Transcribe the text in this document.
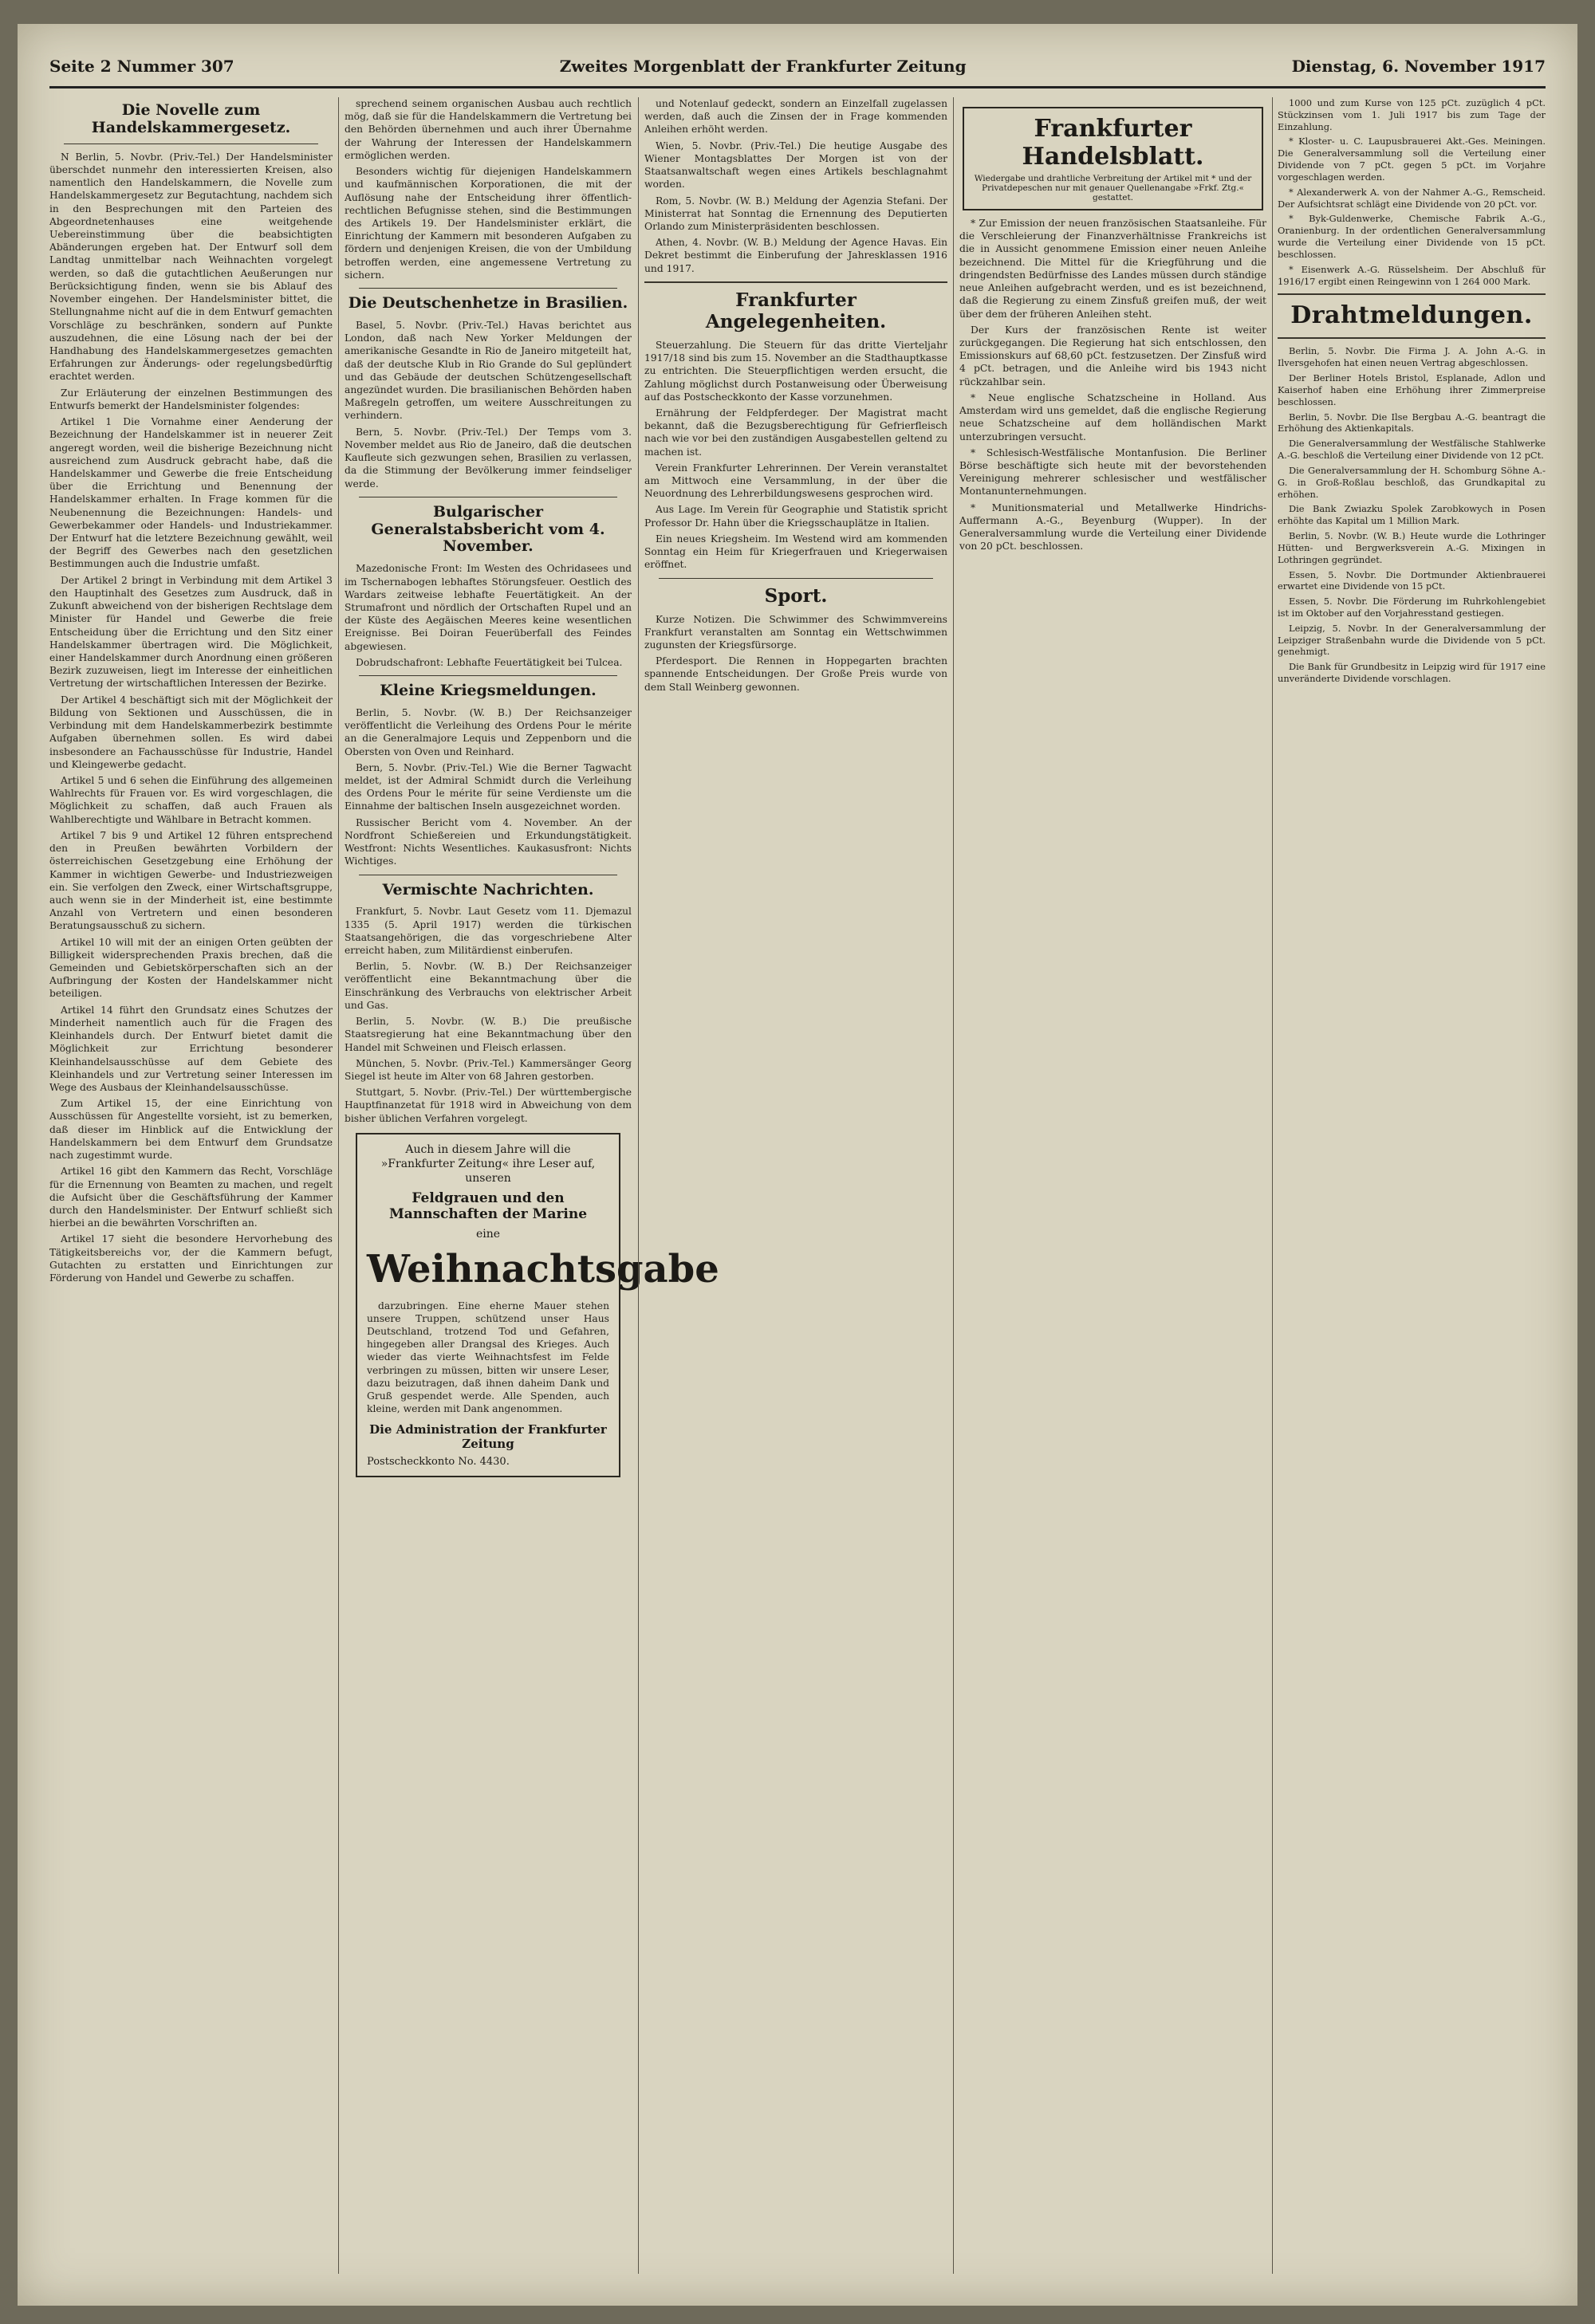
Seite 2 Nummer 307	Zweites Morgenblatt der Frankfurter Zeitung	Dienstag, 6. November 1917
Die Novelle zum Handelskammergesetz.

N Berlin, 5. Novbr. (Priv.-Tel.) Der Handelsminister überschdet nunmehr den interessierten Kreisen, also namentlich den Handelskammern, die Novelle zum Handelskammergesetz zur Begutachtung, nachdem sich in den Besprechungen mit den Parteien des Abgeordnetenhauses eine weitgehende Uebereinstimmung über die beabsichtigten Abänderungen ergeben hat. Der Entwurf soll dem Landtag unmittelbar nach Weihnachten vorgelegt werden, so daß die gutachtlichen Aeußerungen nur Berücksichtigung finden, wenn sie bis Ablauf des November eingehen. Der Handelsminister bittet, die Stellungnahme nicht auf die in dem Entwurf gemachten Vorschläge zu beschränken, sondern auf Punkte auszudehnen, die eine Lösung nach der bei der Handhabung des Handelskammergesetzes gemachten Erfahrungen zur Änderungs- oder regelungsbedürftig erachtet werden.

Zur Erläuterung der einzelnen Bestimmungen des Entwurfs bemerkt der Handelsminister folgendes:

Artikel 1 Die Vornahme einer Aenderung der Bezeichnung der Handelskammer ist in neuerer Zeit angeregt worden, weil die bisherige Bezeichnung nicht ausreichend zum Ausdruck gebracht habe, daß die Handelskammer und Gewerbe die freie Entscheidung über die Errichtung und Benennung der Handelskammer erhalten. In Frage kommen für die Neubenennung die Bezeichnungen: Handels- und Gewerbekammer oder Handels- und Industriekammer. Der Entwurf hat die letztere Bezeichnung gewählt, weil der Begriff des Gewerbes nach den gesetzlichen Bestimmungen auch die Industrie umfaßt.

Der Artikel 2 bringt in Verbindung mit dem Artikel 3 den Hauptinhalt des Gesetzes zum Ausdruck, daß in Zukunft abweichend von der bisherigen Rechtslage dem Minister für Handel und Gewerbe die freie Entscheidung über die Errichtung und den Sitz einer Handelskammer übertragen wird. Die Möglichkeit, einer Handelskammer durch Anordnung einen größeren Bezirk zuzuweisen, liegt im Interesse der einheitlichen Vertretung der wirtschaftlichen Interessen der Bezirke.

Der Artikel 4 beschäftigt sich mit der Möglichkeit der Bildung von Sektionen und Ausschüssen, die in Verbindung mit dem Handelskammerbezirk bestimmte Aufgaben übernehmen sollen. Es wird dabei insbesondere an Fachausschüsse für Industrie, Handel und Kleingewerbe gedacht.

Artikel 5 und 6 sehen die Einführung des allgemeinen Wahlrechts für Frauen vor. Es wird vorgeschlagen, die Möglichkeit zu schaffen, daß auch Frauen als Wahlberechtigte und Wählbare in Betracht kommen.

Artikel 7 bis 9 und Artikel 12 führen entsprechend den in Preußen bewährten Vorbildern der österreichischen Gesetzgebung eine Erhöhung der Kammer in wichtigen Gewerbe- und Industriezweigen ein. Sie verfolgen den Zweck, einer Wirtschaftsgruppe, auch wenn sie in der Minderheit ist, eine bestimmte Anzahl von Vertretern und einen besonderen Beratungsausschuß zu sichern.

Artikel 10 will mit der an einigen Orten geübten der Billigkeit widersprechenden Praxis brechen, daß die Gemeinden und Gebietskörperschaften sich an der Aufbringung der Kosten der Handelskammer nicht beteiligen.

Artikel 14 führt den Grundsatz eines Schutzes der Minderheit namentlich auch für die Fragen des Kleinhandels durch. Der Entwurf bietet damit die Möglichkeit zur Errichtung besonderer Kleinhandelsausschüsse auf dem Gebiete des Kleinhandels und zur Vertretung seiner Interessen im Wege des Ausbaus der Kleinhandelsausschüsse.

Zum Artikel 15, der eine Einrichtung von Ausschüssen für Angestellte vorsieht, ist zu bemerken, daß dieser im Hinblick auf die Entwicklung der Handelskammern bei dem Entwurf dem Grundsatze nach zugestimmt wurde.

Artikel 16 gibt den Kammern das Recht, Vorschläge für die Ernennung von Beamten zu machen, und regelt die Aufsicht über die Geschäftsführung der Kammer durch den Handelsminister. Der Entwurf schließt sich hierbei an die bewährten Vorschriften an.

Artikel 17 sieht die besondere Hervorhebung des Tätigkeitsbereichs vor, der die Kammern befugt, Gutachten zu erstatten und Einrichtungen zur Förderung von Handel und Gewerbe zu schaffen.

sprechend seinem organischen Ausbau auch rechtlich mög, daß sie für die Handelskammern die Vertretung bei den Behörden übernehmen und auch ihrer Übernahme der Wahrung der Interessen der Handelskammern ermöglichen werden.

Besonders wichtig für diejenigen Handelskammern und kaufmännischen Korporationen, die mit der Auflösung nahe der Entscheidung ihrer öffentlich-rechtlichen Befugnisse stehen, sind die Bestimmungen des Artikels 19. Der Handelsminister erklärt, die Einrichtung der Kammern mit besonderen Aufgaben zu fördern und denjenigen Kreisen, die von der Umbildung betroffen werden, eine angemessene Vertretung zu sichern.

Die Deutschenhetze in Brasilien.

Basel, 5. Novbr. (Priv.-Tel.) Havas berichtet aus London, daß nach New Yorker Meldungen der amerikanische Gesandte in Rio de Janeiro mitgeteilt hat, daß der deutsche Klub in Rio Grande do Sul geplündert und das Gebäude der deutschen Schützengesellschaft angezündet wurden. Die brasilianischen Behörden haben Maßregeln getroffen, um weitere Ausschreitungen zu verhindern.

Bern, 5. Novbr. (Priv.-Tel.) Der Temps vom 3. November meldet aus Rio de Janeiro, daß die deutschen Kaufleute sich gezwungen sehen, Brasilien zu verlassen, da die Stimmung der Bevölkerung immer feindseliger werde.

Bulgarischer Generalstabsbericht vom 4. November.

Mazedonische Front: Im Westen des Ochridasees und im Tschernabogen lebhaftes Störungsfeuer. Oestlich des Wardars zeitweise lebhafte Feuertätigkeit. An der Strumafront und nördlich der Ortschaften Rupel und an der Küste des Aegäischen Meeres keine wesentlichen Ereignisse. Bei Doiran Feuerüberfall des Feindes abgewiesen.

Dobrudschafront: Lebhafte Feuertätigkeit bei Tulcea.

Kleine Kriegsmeldungen.

Berlin, 5. Novbr. (W. B.) Der Reichsanzeiger veröffentlicht die Verleihung des Ordens Pour le mérite an die Generalmajore Lequis und Zeppenborn und die Obersten von Oven und Reinhard.

Bern, 5. Novbr. (Priv.-Tel.) Wie die Berner Tagwacht meldet, ist der Admiral Schmidt durch die Verleihung des Ordens Pour le mérite für seine Verdienste um die Einnahme der baltischen Inseln ausgezeichnet worden.

Russischer Bericht vom 4. November. An der Nordfront Schießereien und Erkundungstätigkeit. Westfront: Nichts Wesentliches. Kaukasusfront: Nichts Wichtiges.

Vermischte Nachrichten.

Frankfurt, 5. Novbr. Laut Gesetz vom 11. Djemazul 1335 (5. April 1917) werden die türkischen Staatsangehörigen, die das vorgeschriebene Alter erreicht haben, zum Militärdienst einberufen.

Berlin, 5. Novbr. (W. B.) Der Reichsanzeiger veröffentlicht eine Bekanntmachung über die Einschränkung des Verbrauchs von elektrischer Arbeit und Gas.

Berlin, 5. Novbr. (W. B.) Die preußische Staatsregierung hat eine Bekanntmachung über den Handel mit Schweinen und Fleisch erlassen.

München, 5. Novbr. (Priv.-Tel.) Kammersänger Georg Siegel ist heute im Alter von 68 Jahren gestorben.

Stuttgart, 5. Novbr. (Priv.-Tel.) Der württembergische Hauptfinanzetat für 1918 wird in Abweichung von dem bisher üblichen Verfahren vorgelegt.

Auch in diesem Jahre will die »Frankfurter Zeitung« ihre Leser auf, unseren
Feldgrauen und den Mannschaften der Marine
eine
Weihnachtsgabe

darzubringen. Eine eherne Mauer stehen unsere Truppen, schützend unser Haus Deutschland, trotzend Tod und Gefahren, hingegeben aller Drangsal des Krieges. Auch wieder das vierte Weihnachtsfest im Felde verbringen zu müssen, bitten wir unsere Leser, dazu beizutragen, daß ihnen daheim Dank und Gruß gespendet werde. Alle Spenden, auch kleine, werden mit Dank angenommen.

Die Administration der Frankfurter Zeitung
Postscheckkonto No. 4430.

und Notenlauf gedeckt, sondern an Einzelfall zugelassen werden, daß auch die Zinsen der in Frage kommenden Anleihen erhöht werden.

Wien, 5. Novbr. (Priv.-Tel.) Die heutige Ausgabe des Wiener Montagsblattes Der Morgen ist von der Staatsanwaltschaft wegen eines Artikels beschlagnahmt worden.

Rom, 5. Novbr. (W. B.) Meldung der Agenzia Stefani. Der Ministerrat hat Sonntag die Ernennung des Deputierten Orlando zum Ministerpräsidenten beschlossen.

Athen, 4. Novbr. (W. B.) Meldung der Agence Havas. Ein Dekret bestimmt die Einberufung der Jahresklassen 1916 und 1917.

Frankfurter Angelegenheiten.

Steuerzahlung. Die Steuern für das dritte Vierteljahr 1917/18 sind bis zum 15. November an die Stadthauptkasse zu entrichten. Die Steuerpflichtigen werden ersucht, die Zahlung möglichst durch Postanweisung oder Überweisung auf das Postscheckkonto der Kasse vorzunehmen.

Ernährung der Feldpferdeger. Der Magistrat macht bekannt, daß die Bezugsberechtigung für Gefrierfleisch nach wie vor bei den zuständigen Ausgabestellen geltend zu machen ist.

Verein Frankfurter Lehrerinnen. Der Verein veranstaltet am Mittwoch eine Versammlung, in der über die Neuordnung des Lehrerbildungswesens gesprochen wird.

Aus Lage. Im Verein für Geographie und Statistik spricht Professor Dr. Hahn über die Kriegsschauplätze in Italien.

Ein neues Kriegsheim. Im Westend wird am kommenden Sonntag ein Heim für Kriegerfrauen und Kriegerwaisen eröffnet.

Sport.

Kurze Notizen. Die Schwimmer des Schwimmvereins Frankfurt veranstalten am Sonntag ein Wettschwimmen zugunsten der Kriegsfürsorge.

Pferdesport. Die Rennen in Hoppegarten brachten spannende Entscheidungen. Der Große Preis wurde von dem Stall Weinberg gewonnen.

Frankfurter Handelsblatt.
Wiedergabe und drahtliche Verbreitung der Artikel mit * und der Privatdepeschen nur mit genauer Quellenangabe »Frkf. Ztg.« gestattet.

* Zur Emission der neuen französischen Staatsanleihe. Für die Verschleierung der Finanzverhältnisse Frankreichs ist die in Aussicht genommene Emission einer neuen Anleihe bezeichnend. Die Mittel für die Kriegführung und die dringendsten Bedürfnisse des Landes müssen durch ständige neue Anleihen aufgebracht werden, und es ist bezeichnend, daß die Regierung zu einem Zinsfuß greifen muß, der weit über dem der früheren Anleihen steht.

Der Kurs der französischen Rente ist weiter zurückgegangen. Die Regierung hat sich entschlossen, den Emissionskurs auf 68,60 pCt. festzusetzen. Der Zinsfuß wird 4 pCt. betragen, und die Anleihe wird bis 1943 nicht rückzahlbar sein.

* Neue englische Schatzscheine in Holland. Aus Amsterdam wird uns gemeldet, daß die englische Regierung neue Schatzscheine auf dem holländischen Markt unterzubringen versucht.

* Schlesisch-Westfälische Montanfusion. Die Berliner Börse beschäftigte sich heute mit der bevorstehenden Vereinigung mehrerer schlesischer und westfälischer Montanunternehmungen.

* Munitionsmaterial und Metallwerke Hindrichs-Auffermann A.-G., Beyenburg (Wupper). In der Generalversammlung wurde die Verteilung einer Dividende von 20 pCt. beschlossen.

1000 und zum Kurse von 125 pCt. zuzüglich 4 pCt. Stückzinsen vom 1. Juli 1917 bis zum Tage der Einzahlung.

* Kloster- u. C. Laupusbrauerei Akt.-Ges. Meiningen. Die Generalversammlung soll die Verteilung einer Dividende von 7 pCt. gegen 5 pCt. im Vorjahre vorgeschlagen werden.

* Alexanderwerk A. von der Nahmer A.-G., Remscheid. Der Aufsichtsrat schlägt eine Dividende von 20 pCt. vor.

* Byk-Guldenwerke, Chemische Fabrik A.-G., Oranienburg. In der ordentlichen Generalversammlung wurde die Verteilung einer Dividende von 15 pCt. beschlossen.

* Eisenwerk A.-G. Rüsselsheim. Der Abschluß für 1916/17 ergibt einen Reingewinn von 1 264 000 Mark.

Drahtmeldungen.

Berlin, 5. Novbr. Die Firma J. A. John A.-G. in Ilversgehofen hat einen neuen Vertrag abgeschlossen.

Der Berliner Hotels Bristol, Esplanade, Adlon und Kaiserhof haben eine Erhöhung ihrer Zimmerpreise beschlossen.

Berlin, 5. Novbr. Die Ilse Bergbau A.-G. beantragt die Erhöhung des Aktienkapitals.

Die Generalversammlung der Westfälische Stahlwerke A.-G. beschloß die Verteilung einer Dividende von 12 pCt.

Die Generalversammlung der H. Schomburg Söhne A.-G. in Groß-Roßlau beschloß, das Grundkapital zu erhöhen.

Die Bank Zwiazku Spolek Zarobkowych in Posen erhöhte das Kapital um 1 Million Mark.

Berlin, 5. Novbr. (W. B.) Heute wurde die Lothringer Hütten- und Bergwerksverein A.-G. Mixingen in Lothringen gegründet.

Essen, 5. Novbr. Die Dortmunder Aktienbrauerei erwartet eine Dividende von 15 pCt.

Essen, 5. Novbr. Die Förderung im Ruhrkohlengebiet ist im Oktober auf den Vorjahresstand gestiegen.

Leipzig, 5. Novbr. In der Generalversammlung der Leipziger Straßenbahn wurde die Dividende von 5 pCt. genehmigt.

Die Bank für Grundbesitz in Leipzig wird für 1917 eine unveränderte Dividende vorschlagen.
